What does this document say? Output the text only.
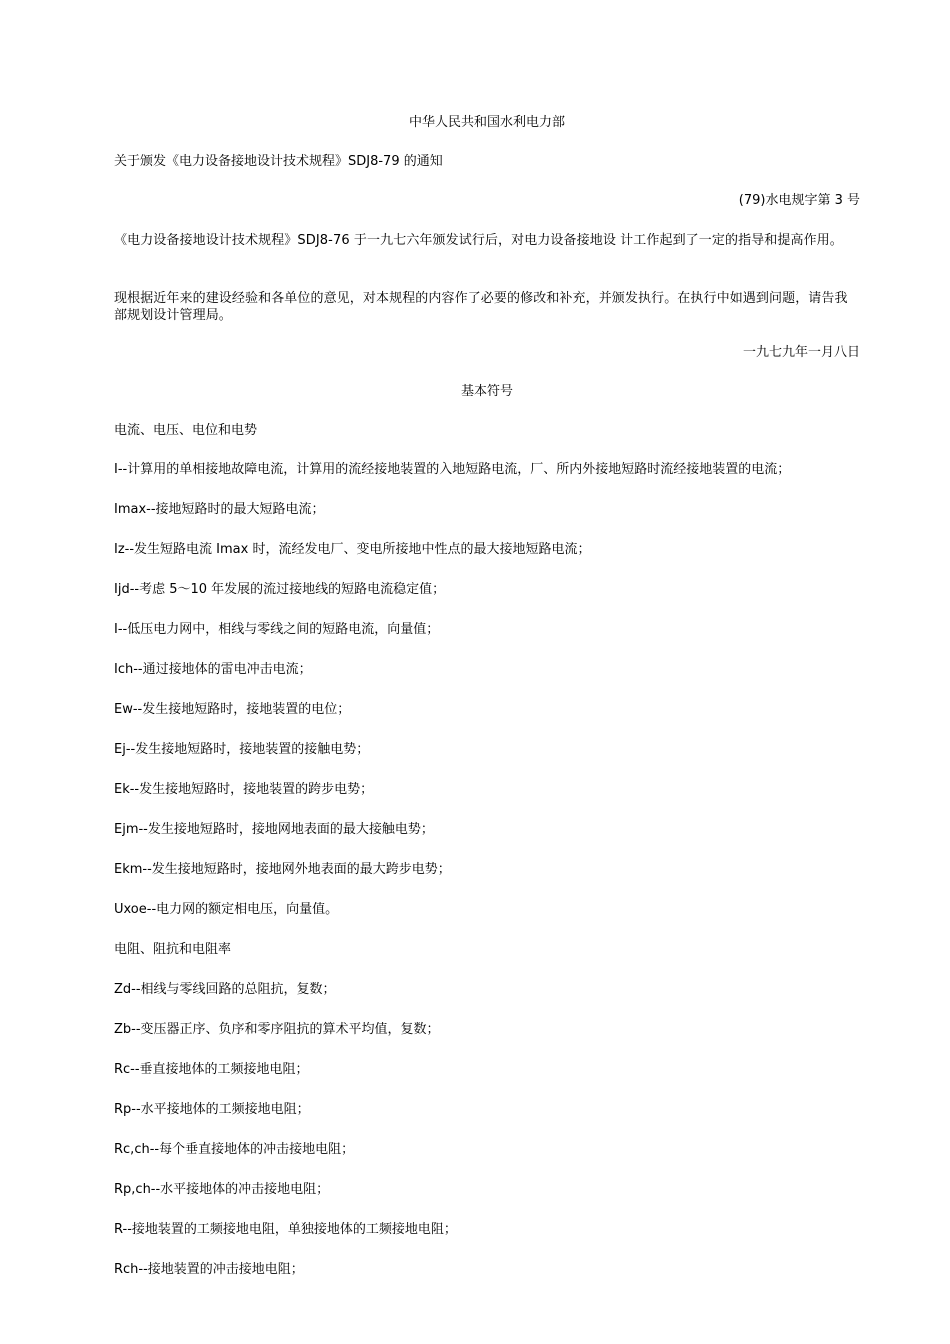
中华人民共和国水利电力部
关于颁发《电力设备接地设计技术规程》SDJ8-79 的通知
(79)水电规字第 3 号
《电力设备接地设计技术规程》SDJ8-76 于一九七六年颁发试行后，对电力设备接地设 计工作起到了一定的指导和提高作用。
现根据近年来的建设经验和各单位的意见，对本规程的内容作了必要的修改和补充，并颁发执行。在执行中如遇到问题，请告我部规划设计管理局。
一九七九年一月八日
基本符号
电流、电压、电位和电势
I--计算用的单相接地故障电流，计算用的流经接地装置的入地短路电流，厂、所内外接地短路时流经接地装置的电流；
Imax--接地短路时的最大短路电流；
Iz--发生短路电流 Imax 时，流经发电厂、变电所接地中性点的最大接地短路电流；
Ijd--考虑 5～10 年发展的流过接地线的短路电流稳定值；
I--低压电力网中，相线与零线之间的短路电流，向量值；
Ich--通过接地体的雷电冲击电流；
Ew--发生接地短路时，接地装置的电位；
Ej--发生接地短路时，接地装置的接触电势；
Ek--发生接地短路时，接地装置的跨步电势；
Ejm--发生接地短路时，接地网地表面的最大接触电势；
Ekm--发生接地短路时，接地网外地表面的最大跨步电势；
Uxoe--电力网的额定相电压，向量值。
电阻、阻抗和电阻率
Zd--相线与零线回路的总阻抗，复数；
Zb--变压器正序、负序和零序阻抗的算术平均值，复数；
Rc--垂直接地体的工频接地电阻；
Rp--水平接地体的工频接地电阻；
Rc,ch--每个垂直接地体的冲击接地电阻；
Rp,ch--水平接地体的冲击接地电阻；
R--接地装置的工频接地电阻，单独接地体的工频接地电阻；
Rch--接地装置的冲击接地电阻；
